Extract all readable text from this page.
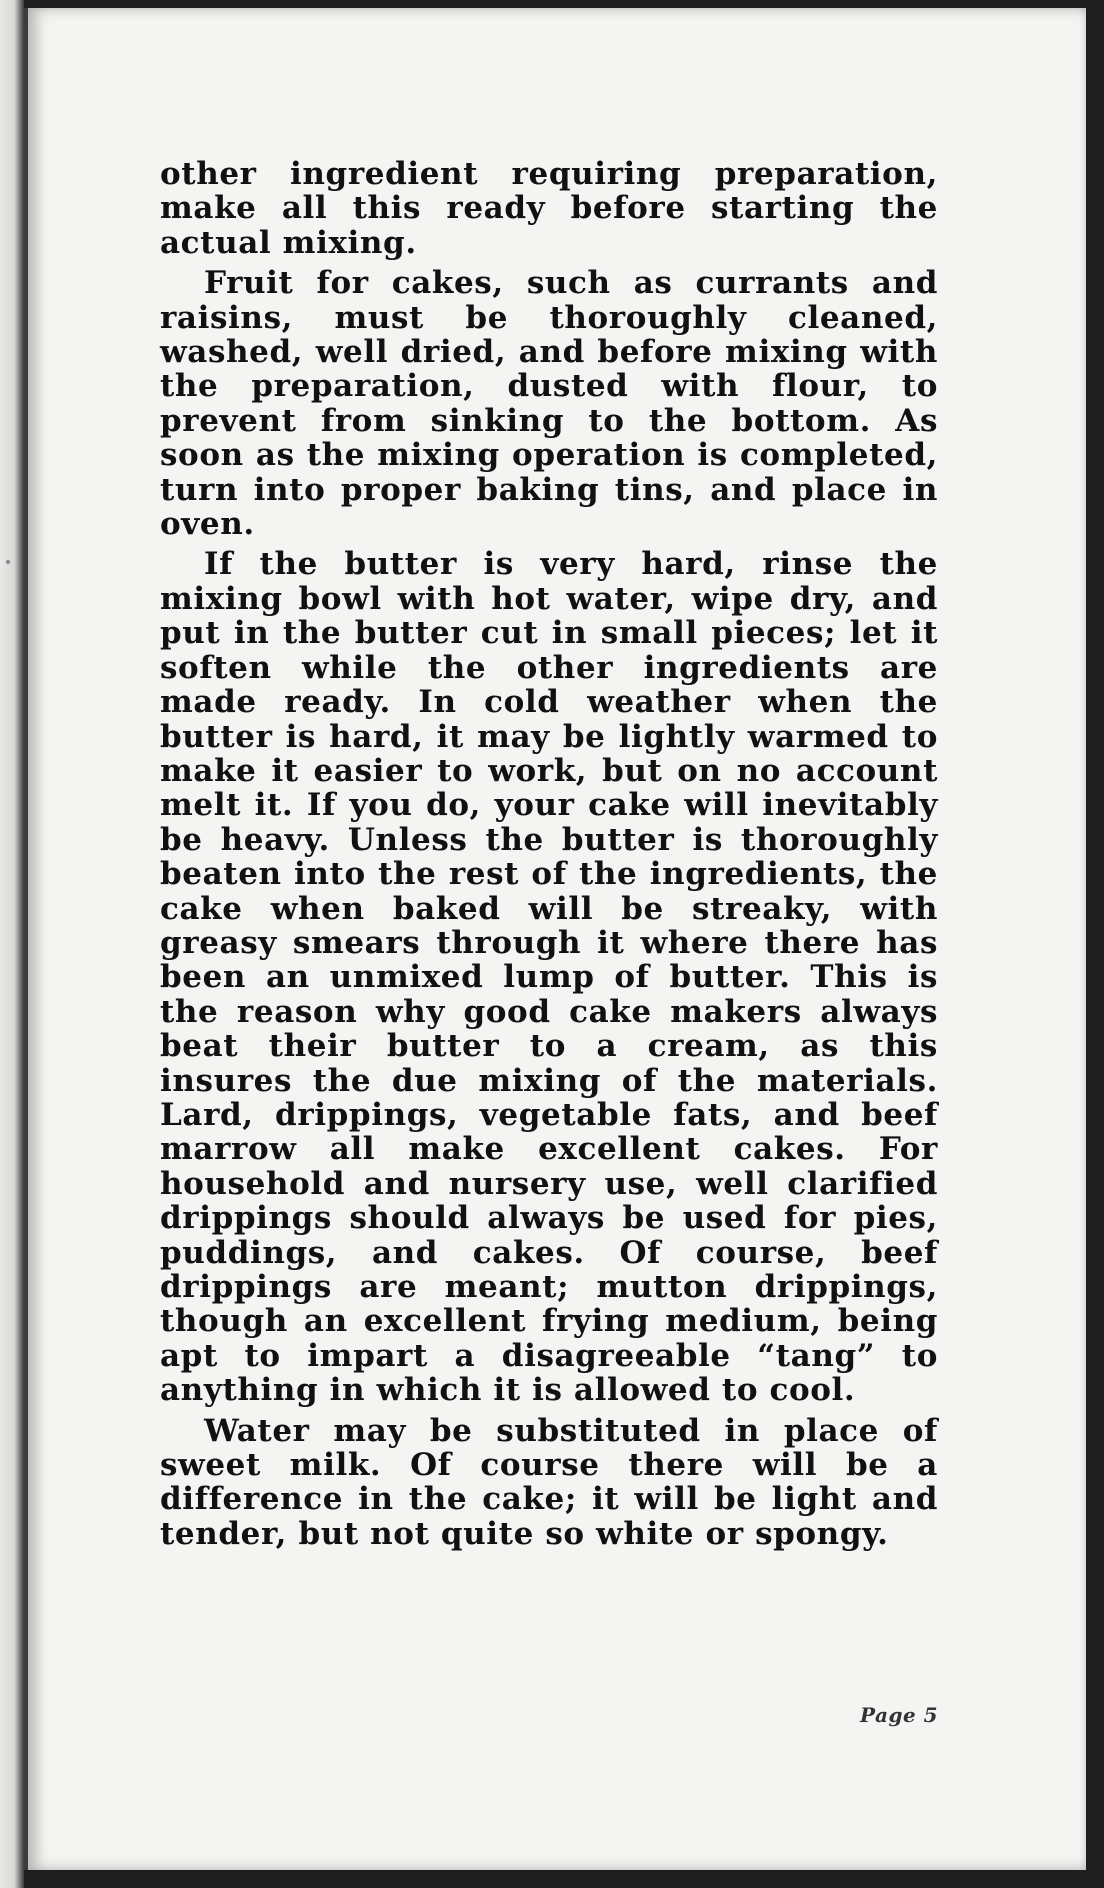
other ingredient requiring preparation, make all this ready before starting the actual mixing.

Fruit for cakes, such as currants and raisins, must be thoroughly cleaned, washed, well dried, and before mixing with the preparation, dusted with flour, to prevent from sinking to the bottom. As soon as the mixing operation is completed, turn into proper baking tins, and place in oven.

If the butter is very hard, rinse the mixing bowl with hot water, wipe dry, and put in the butter cut in small pieces; let it soften while the other ingredients are made ready. In cold weather when the butter is hard, it may be lightly warmed to make it easier to work, but on no account melt it. If you do, your cake will inevitably be heavy. Unless the butter is thoroughly beaten into the rest of the ingredients, the cake when baked will be streaky, with greasy smears through it where there has been an unmixed lump of butter. This is the reason why good cake makers always beat their butter to a cream, as this insures the due mixing of the materials. Lard, drippings, vegetable fats, and beef marrow all make excellent cakes. For household and nursery use, well clarified drippings should always be used for pies, puddings, and cakes. Of course, beef drippings are meant; mutton drippings, though an excellent frying medium, being apt to impart a disagreeable “tang” to anything in which it is allowed to cool.

Water may be substituted in place of sweet milk. Of course there will be a difference in the cake; it will be light and tender, but not quite so white or spongy.

Page 5
